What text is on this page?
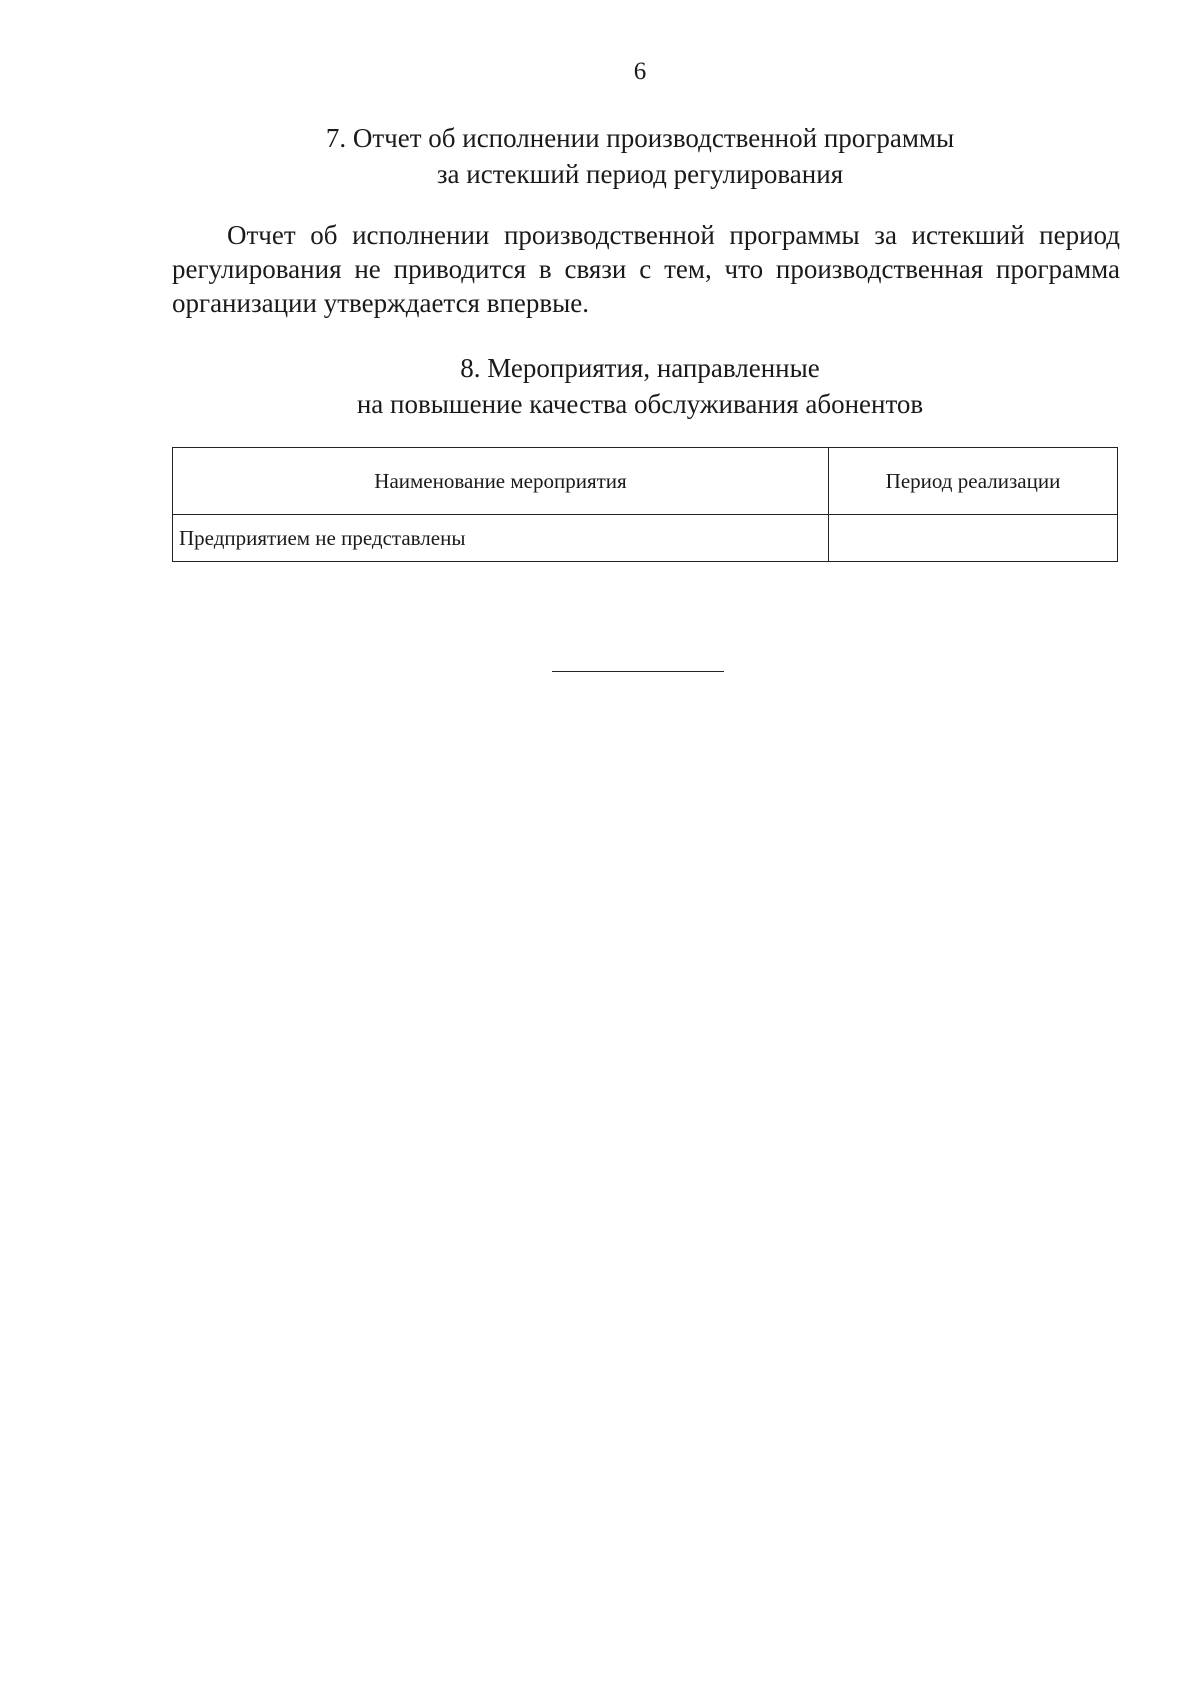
6
7. Отчет об исполнении производственной программы
за истекший период регулирования

Отчет об исполнении производственной программы за истекший период регулирования не приводится в связи с тем, что производственная программа организации утверждается впервые.

8. Мероприятия, направленные
на повышение качества обслуживания абонентов
Наименование мероприятия	Период реализации
Предприятием не представлены	
